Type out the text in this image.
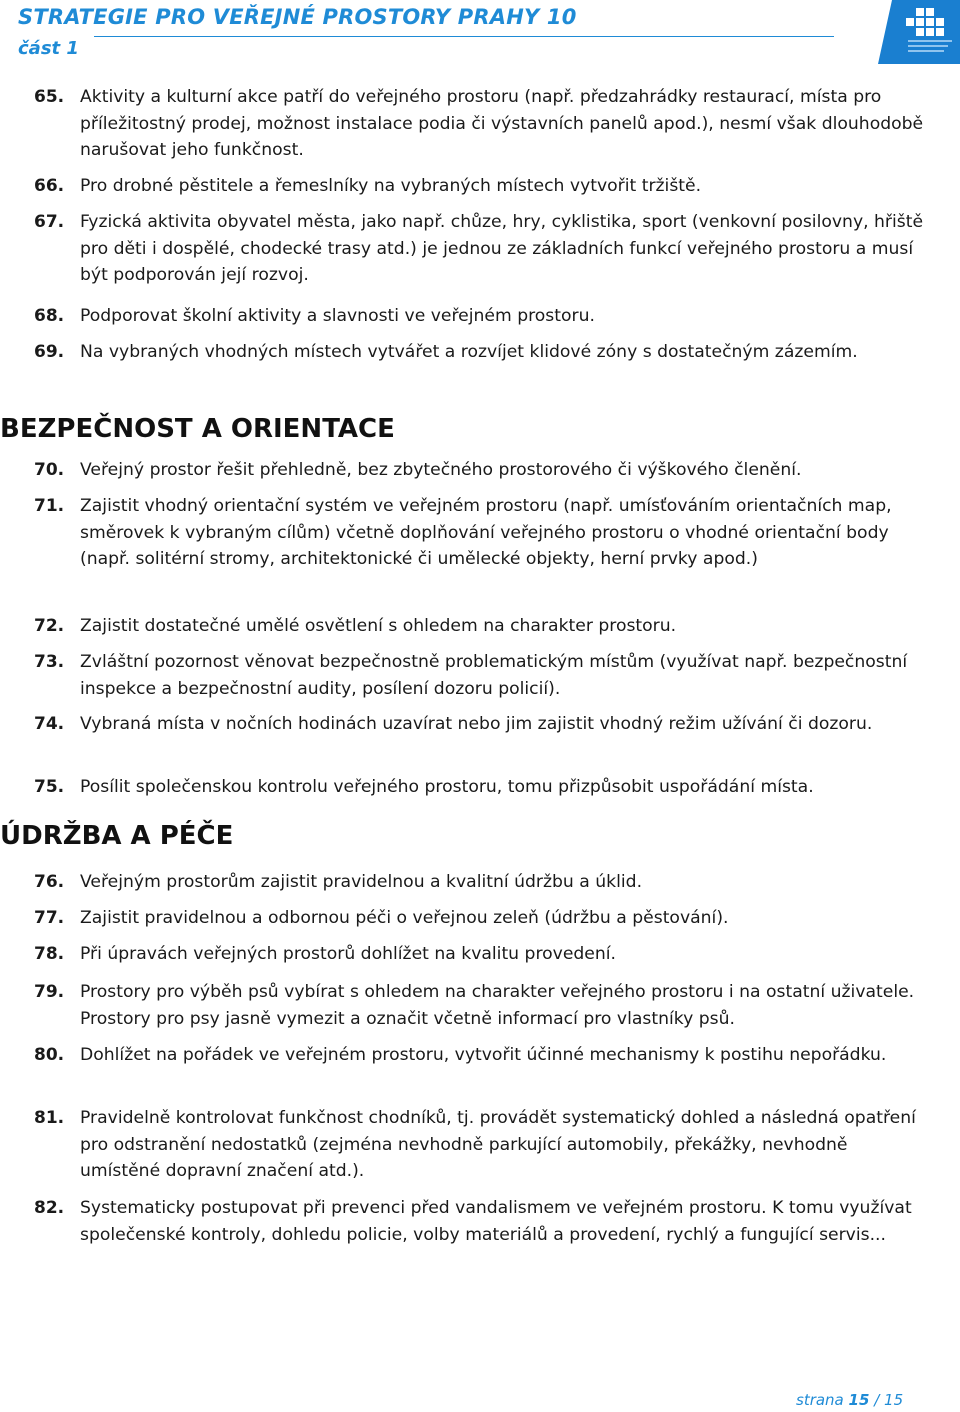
STRATEGIE PRO VEŘEJNÉ PROSTORY PRAHY 10
část 1
65. Aktivity a kulturní akce patří do veřejného prostoru (např. předzahrádky restaurací, místa pro příležitostný prodej, možnost instalace podia či výstavních panelů apod.), nesmí však dlouhodobě narušovat jeho funkčnost.
66. Pro drobné pěstitele a řemeslníky na vybraných místech vytvořit tržiště.
67. Fyzická aktivita obyvatel města, jako např. chůze, hry, cyklistika, sport (venkovní posilovny, hřiště pro děti i dospělé, chodecké trasy atd.) je jednou ze základních funkcí veřejného prostoru a musí být podporován její rozvoj.
68. Podporovat školní aktivity a slavnosti ve veřejném prostoru.
69. Na vybraných vhodných místech vytvářet a rozvíjet klidové zóny s dostatečným zázemím.
BEZPEČNOST A ORIENTACE
70. Veřejný prostor řešit přehledně, bez zbytečného prostorového či výškového členění.
71. Zajistit vhodný orientační systém ve veřejném prostoru (např. umísťováním orientačních map, směrovek k vybraným cílům) včetně doplňování veřejného prostoru o vhodné orientační body (např. solitérní stromy, architektonické či umělecké objekty, herní prvky apod.)
72. Zajistit dostatečné umělé osvětlení s ohledem na charakter prostoru.
73. Zvláštní pozornost věnovat bezpečnostně problematickým místům (využívat např. bezpečnostní inspekce a bezpečnostní audity, posílení dozoru policií).
74. Vybraná místa v nočních hodinách uzavírat nebo jim zajistit vhodný režim užívání či dozoru.
75. Posílit společenskou kontrolu veřejného prostoru, tomu přizpůsobit uspořádání místa.
ÚDRŽBA A PÉČE
76. Veřejným prostorům zajistit pravidelnou a kvalitní údržbu a úklid.
77. Zajistit pravidelnou a odbornou péči o veřejnou zeleň (údržbu a pěstování).
78. Při úpravách veřejných prostorů dohlížet na kvalitu provedení.
79. Prostory pro výběh psů vybírat s ohledem na charakter veřejného prostoru i na ostatní uživatele. Prostory pro psy jasně vymezit a označit včetně informací pro vlastníky psů.
80. Dohlížet na pořádek ve veřejném prostoru, vytvořit účinné mechanismy k postihu nepořádku.
81. Pravidelně kontrolovat funkčnost chodníků, tj. provádět systematický dohled a následná opatření pro odstranění nedostatků (zejména nevhodně parkující automobily, překážky, nevhodně umístěné dopravní značení atd.).
82. Systematicky postupovat při prevenci před vandalismem ve veřejném prostoru. K tomu využívat společenské kontroly, dohledu policie, volby materiálů a provedení, rychlý a fungující servis...
strana 15 / 15
